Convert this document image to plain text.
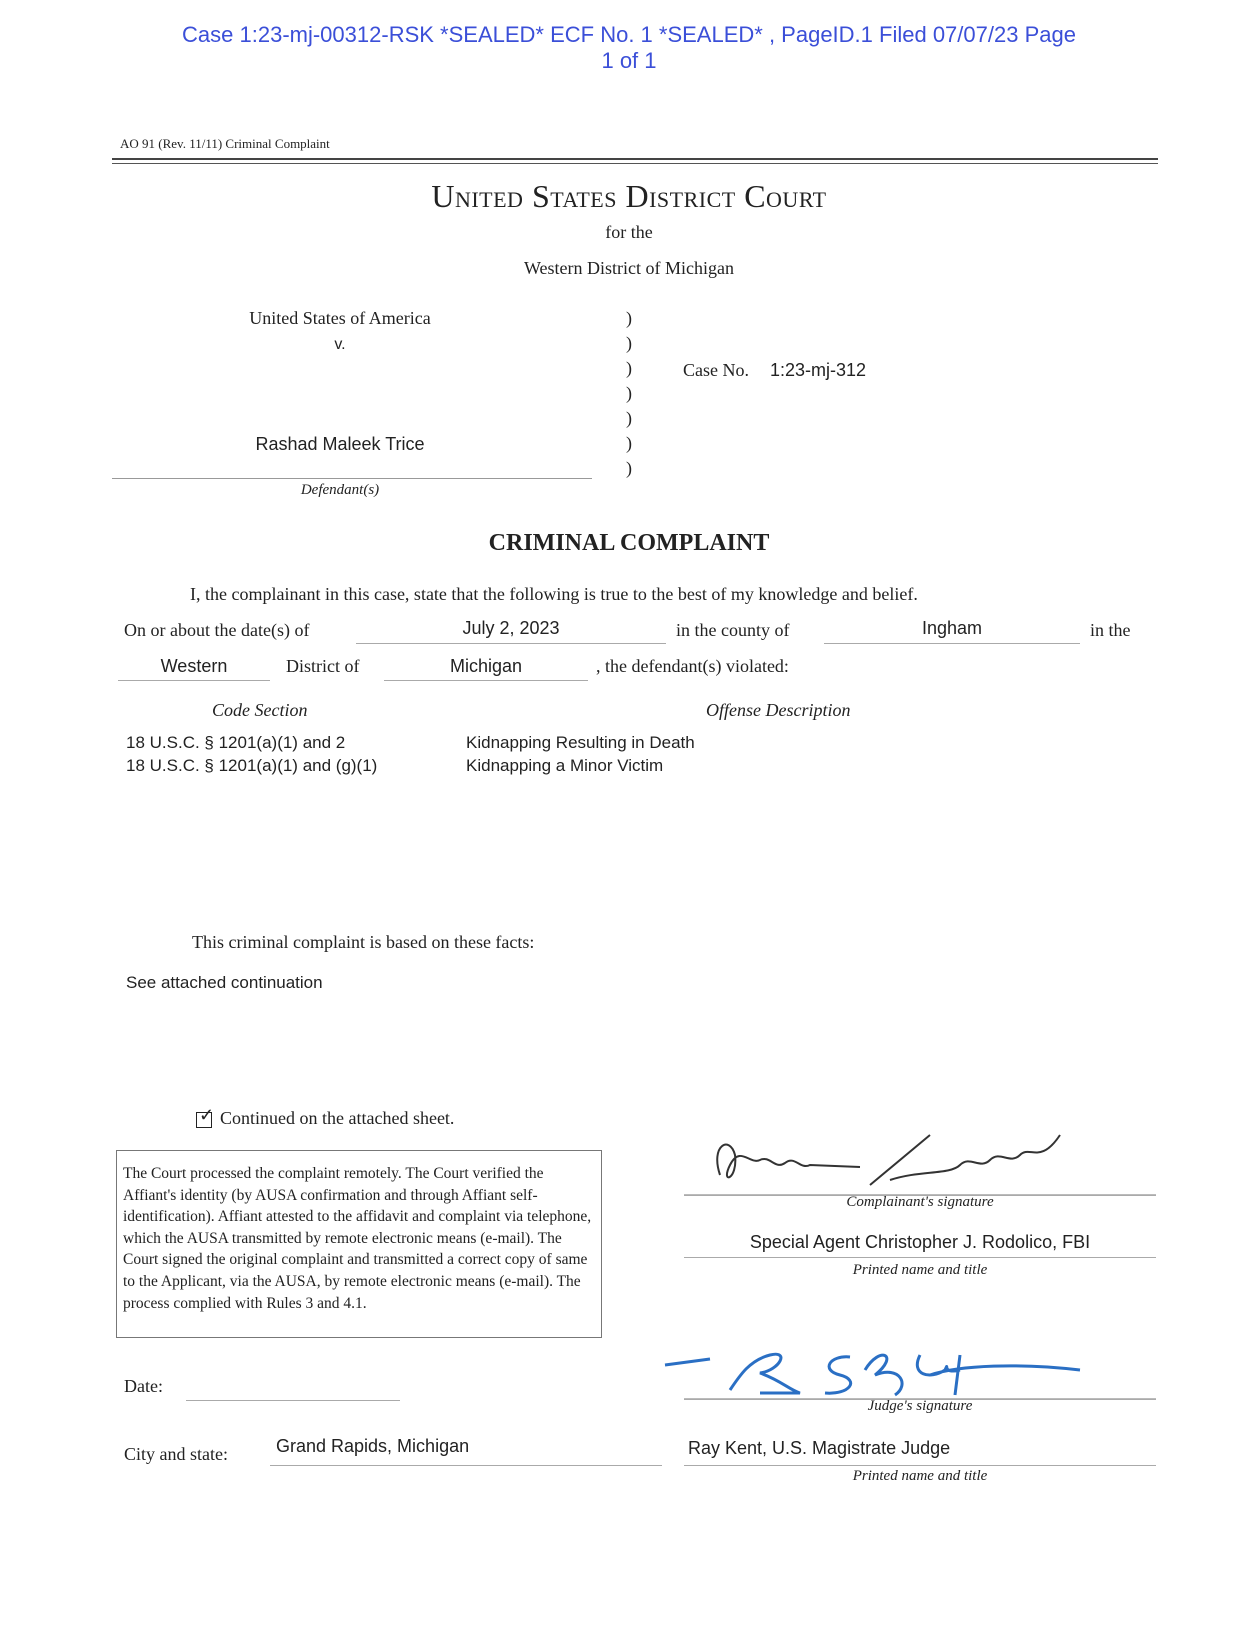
Case 1:23-mj-00312-RSK *SEALED* ECF No. 1 *SEALED* , PageID.1 Filed 07/07/23 Page
1 of 1
AO 91 (Rev. 11/11) Criminal Complaint
United States District Court
for the
Western District of Michigan
United States of America
v.
Rashad Maleek Trice
Defendant(s)
)
)
)
)
)
)
)
Case No. 1:23-mj-312
CRIMINAL COMPLAINT
I, the complainant in this case, state that the following is true to the best of my knowledge and belief.
On or about the date(s) of	July 2, 2023	in the county of	Ingham	in the
Western	District of	Michigan	, the defendant(s) violated:
Code Section	Offense Description
18 U.S.C. § 1201(a)(1) and 2	Kidnapping Resulting in Death
18 U.S.C. § 1201(a)(1) and (g)(1)	Kidnapping a Minor Victim
This criminal complaint is based on these facts:
See attached continuation
✓Continued on the attached sheet.
The Court processed the complaint remotely. The Court verified the Affiant's identity (by AUSA confirmation and through Affiant self-identification). Affiant attested to the affidavit and complaint via telephone, which the AUSA transmitted by remote electronic means (e-mail). The Court signed the original complaint and transmitted a correct copy of same to the Applicant, via the AUSA, by remote electronic means (e-mail). The process complied with Rules 3 and 4.1.
Complainant's signature
Special Agent Christopher J. Rodolico, FBI
Printed name and title
Judge's signature
Date:
City and state:	Grand Rapids, Michigan	Ray Kent, U.S. Magistrate Judge
Printed name and title
